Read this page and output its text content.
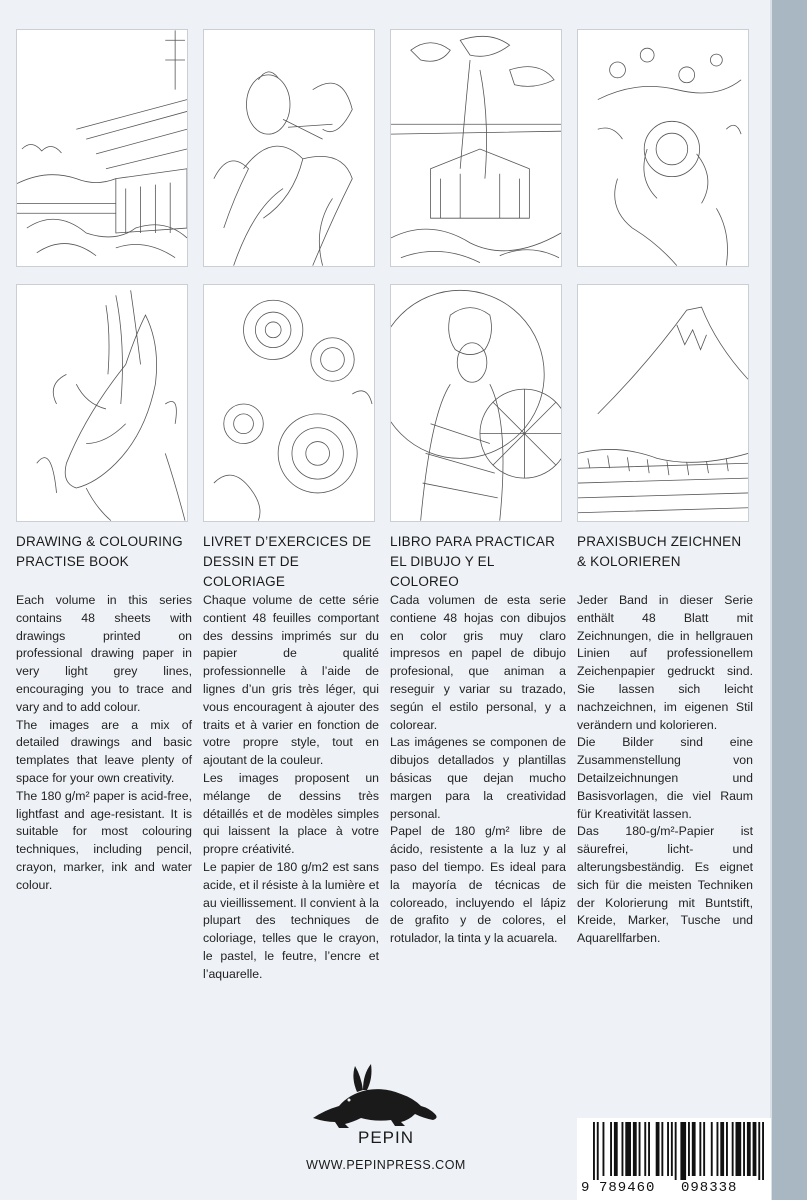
DRAWING & COLOURING
PRACTISE BOOK

Each volume in this series contains 48 sheets with drawings printed on professional drawing paper in very light grey lines, encouraging you to trace and vary and to add colour.

The images are a mix of detailed drawings and basic templates that leave plenty of space for your own creativity.

The 180 g/m² paper is acid-free, lightfast and age-resistant. It is suitable for most colouring techniques, including pencil, crayon, marker, ink and water colour.

LIVRET D’EXERCICES DE
DESSIN ET DE COLORIAGE

Chaque volume de cette série contient 48 feuilles comportant des dessins imprimés sur du papier de qualité professionnelle à l’aide de lignes d’un gris très léger, qui vous encouragent à ajouter des traits et à varier en fonction de votre propre style, tout en ajoutant de la couleur.

Les images proposent un mélange de dessins très détaillés et de modèles simples qui laissent la place à votre propre créativité.

Le papier de 180 g/m2 est sans acide, et il résiste à la lumière et au vieillissement. Il convient à la plupart des techniques de coloriage, telles que le crayon, le pastel, le feutre, l’encre et l’aquarelle.

LIBRO PARA PRACTICAR
EL DIBUJO Y EL COLOREO

Cada volumen de esta serie contiene 48 hojas con dibujos en color gris muy claro impresos en papel de dibujo profesional, que animan a reseguir y variar su trazado, según el estilo personal, y a colorear.

Las imágenes se componen de dibujos detallados y plantillas básicas que dejan mucho margen para la creatividad personal.

Papel de 180 g/m² libre de ácido, resistente a la luz y al paso del tiempo. Es ideal para la mayoría de técnicas de coloreado, incluyendo el lápiz de grafito y de colores, el rotulador, la tinta y la acuarela.

PRAXISBUCH ZEICHNEN
& KOLORIEREN

Jeder Band in dieser Serie enthält 48 Blatt mit Zeichnungen, die in hellgrauen Linien auf professionellem Zeichenpapier gedruckt sind. Sie lassen sich leicht nachzeichnen, im eigenen Stil verändern und kolorieren.

Die Bilder sind eine Zusammenstellung von Detailzeichnungen und Basisvorlagen, die viel Raum für Kreativität lassen.

Das 180-g/m²-Papier ist säurefrei, licht- und alterungsbeständig. Es eignet sich für die meisten Techniken der Kolorierung mit Buntstift, Kreide, Marker, Tusche und Aquarellfarben.

PEPIN
WWW.PEPINPRESS.COM
9 789460 098338
